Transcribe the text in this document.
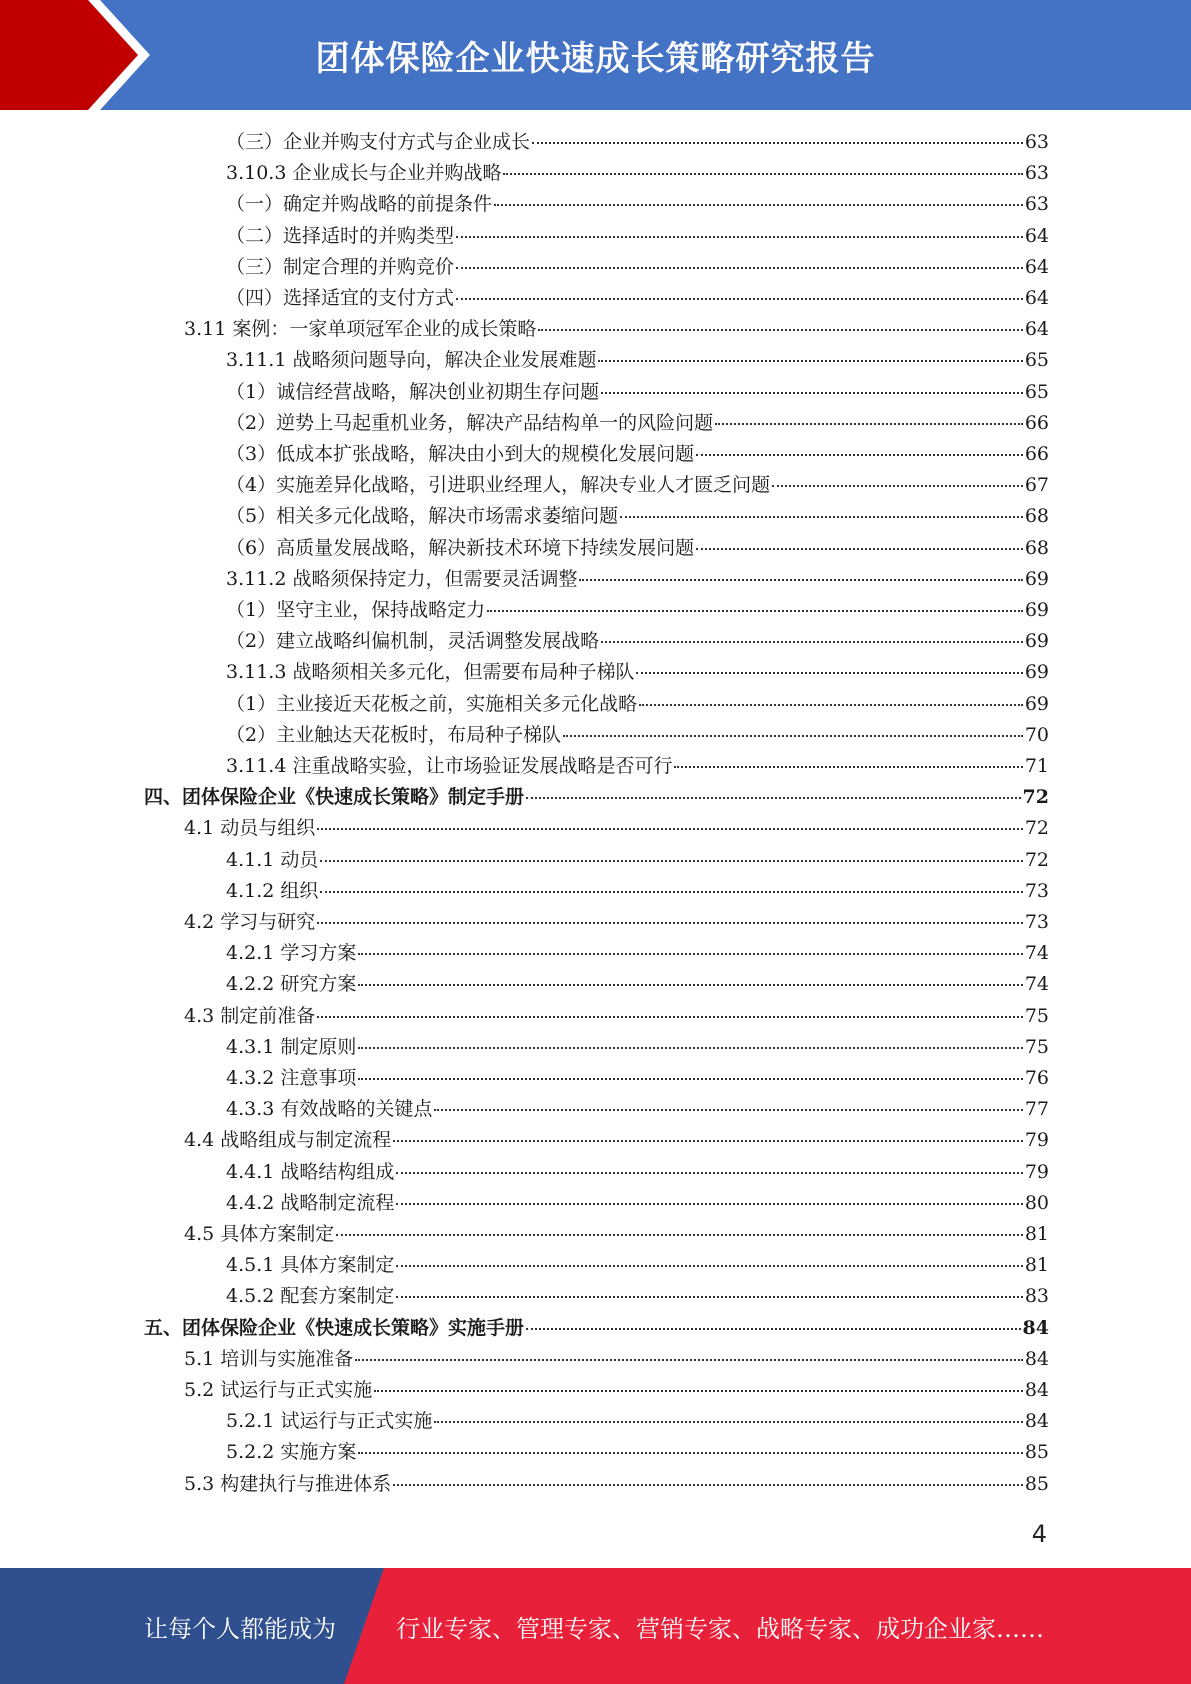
团体保险企业快速成长策略研究报告
（三）企业并购支付方式与企业成长	63
3.10.3 企业成长与企业并购战略	63
（一）确定并购战略的前提条件	63
（二）选择适时的并购类型	64
（三）制定合理的并购竞价	64
（四）选择适宜的支付方式	64
3.11 案例：一家单项冠军企业的成长策略	64
3.11.1 战略须问题导向，解决企业发展难题	65
（1）诚信经营战略，解决创业初期生存问题	65
（2）逆势上马起重机业务，解决产品结构单一的风险问题	66
（3）低成本扩张战略，解决由小到大的规模化发展问题	66
（4）实施差异化战略，引进职业经理人，解决专业人才匮乏问题	67
（5）相关多元化战略，解决市场需求萎缩问题	68
（6）高质量发展战略，解决新技术环境下持续发展问题	68
3.11.2 战略须保持定力，但需要灵活调整	69
（1）坚守主业，保持战略定力	69
（2）建立战略纠偏机制，灵活调整发展战略	69
3.11.3 战略须相关多元化，但需要布局种子梯队	69
（1）主业接近天花板之前，实施相关多元化战略	69
（2）主业触达天花板时，布局种子梯队	70
3.11.4 注重战略实验，让市场验证发展战略是否可行	71
四、团体保险企业《快速成长策略》制定手册	72
4.1 动员与组织	72
4.1.1 动员	72
4.1.2 组织	73
4.2 学习与研究	73
4.2.1 学习方案	74
4.2.2 研究方案	74
4.3 制定前准备	75
4.3.1 制定原则	75
4.3.2 注意事项	76
4.3.3 有效战略的关键点	77
4.4 战略组成与制定流程	79
4.4.1 战略结构组成	79
4.4.2 战略制定流程	80
4.5 具体方案制定	81
4.5.1 具体方案制定	81
4.5.2 配套方案制定	83
五、团体保险企业《快速成长策略》实施手册	84
5.1 培训与实施准备	84
5.2 试运行与正式实施	84
5.2.1 试运行与正式实施	84
5.2.2 实施方案	85
5.3 构建执行与推进体系	85
4
让每个人都能成为	行业专家、管理专家、营销专家、战略专家、成功企业家……
